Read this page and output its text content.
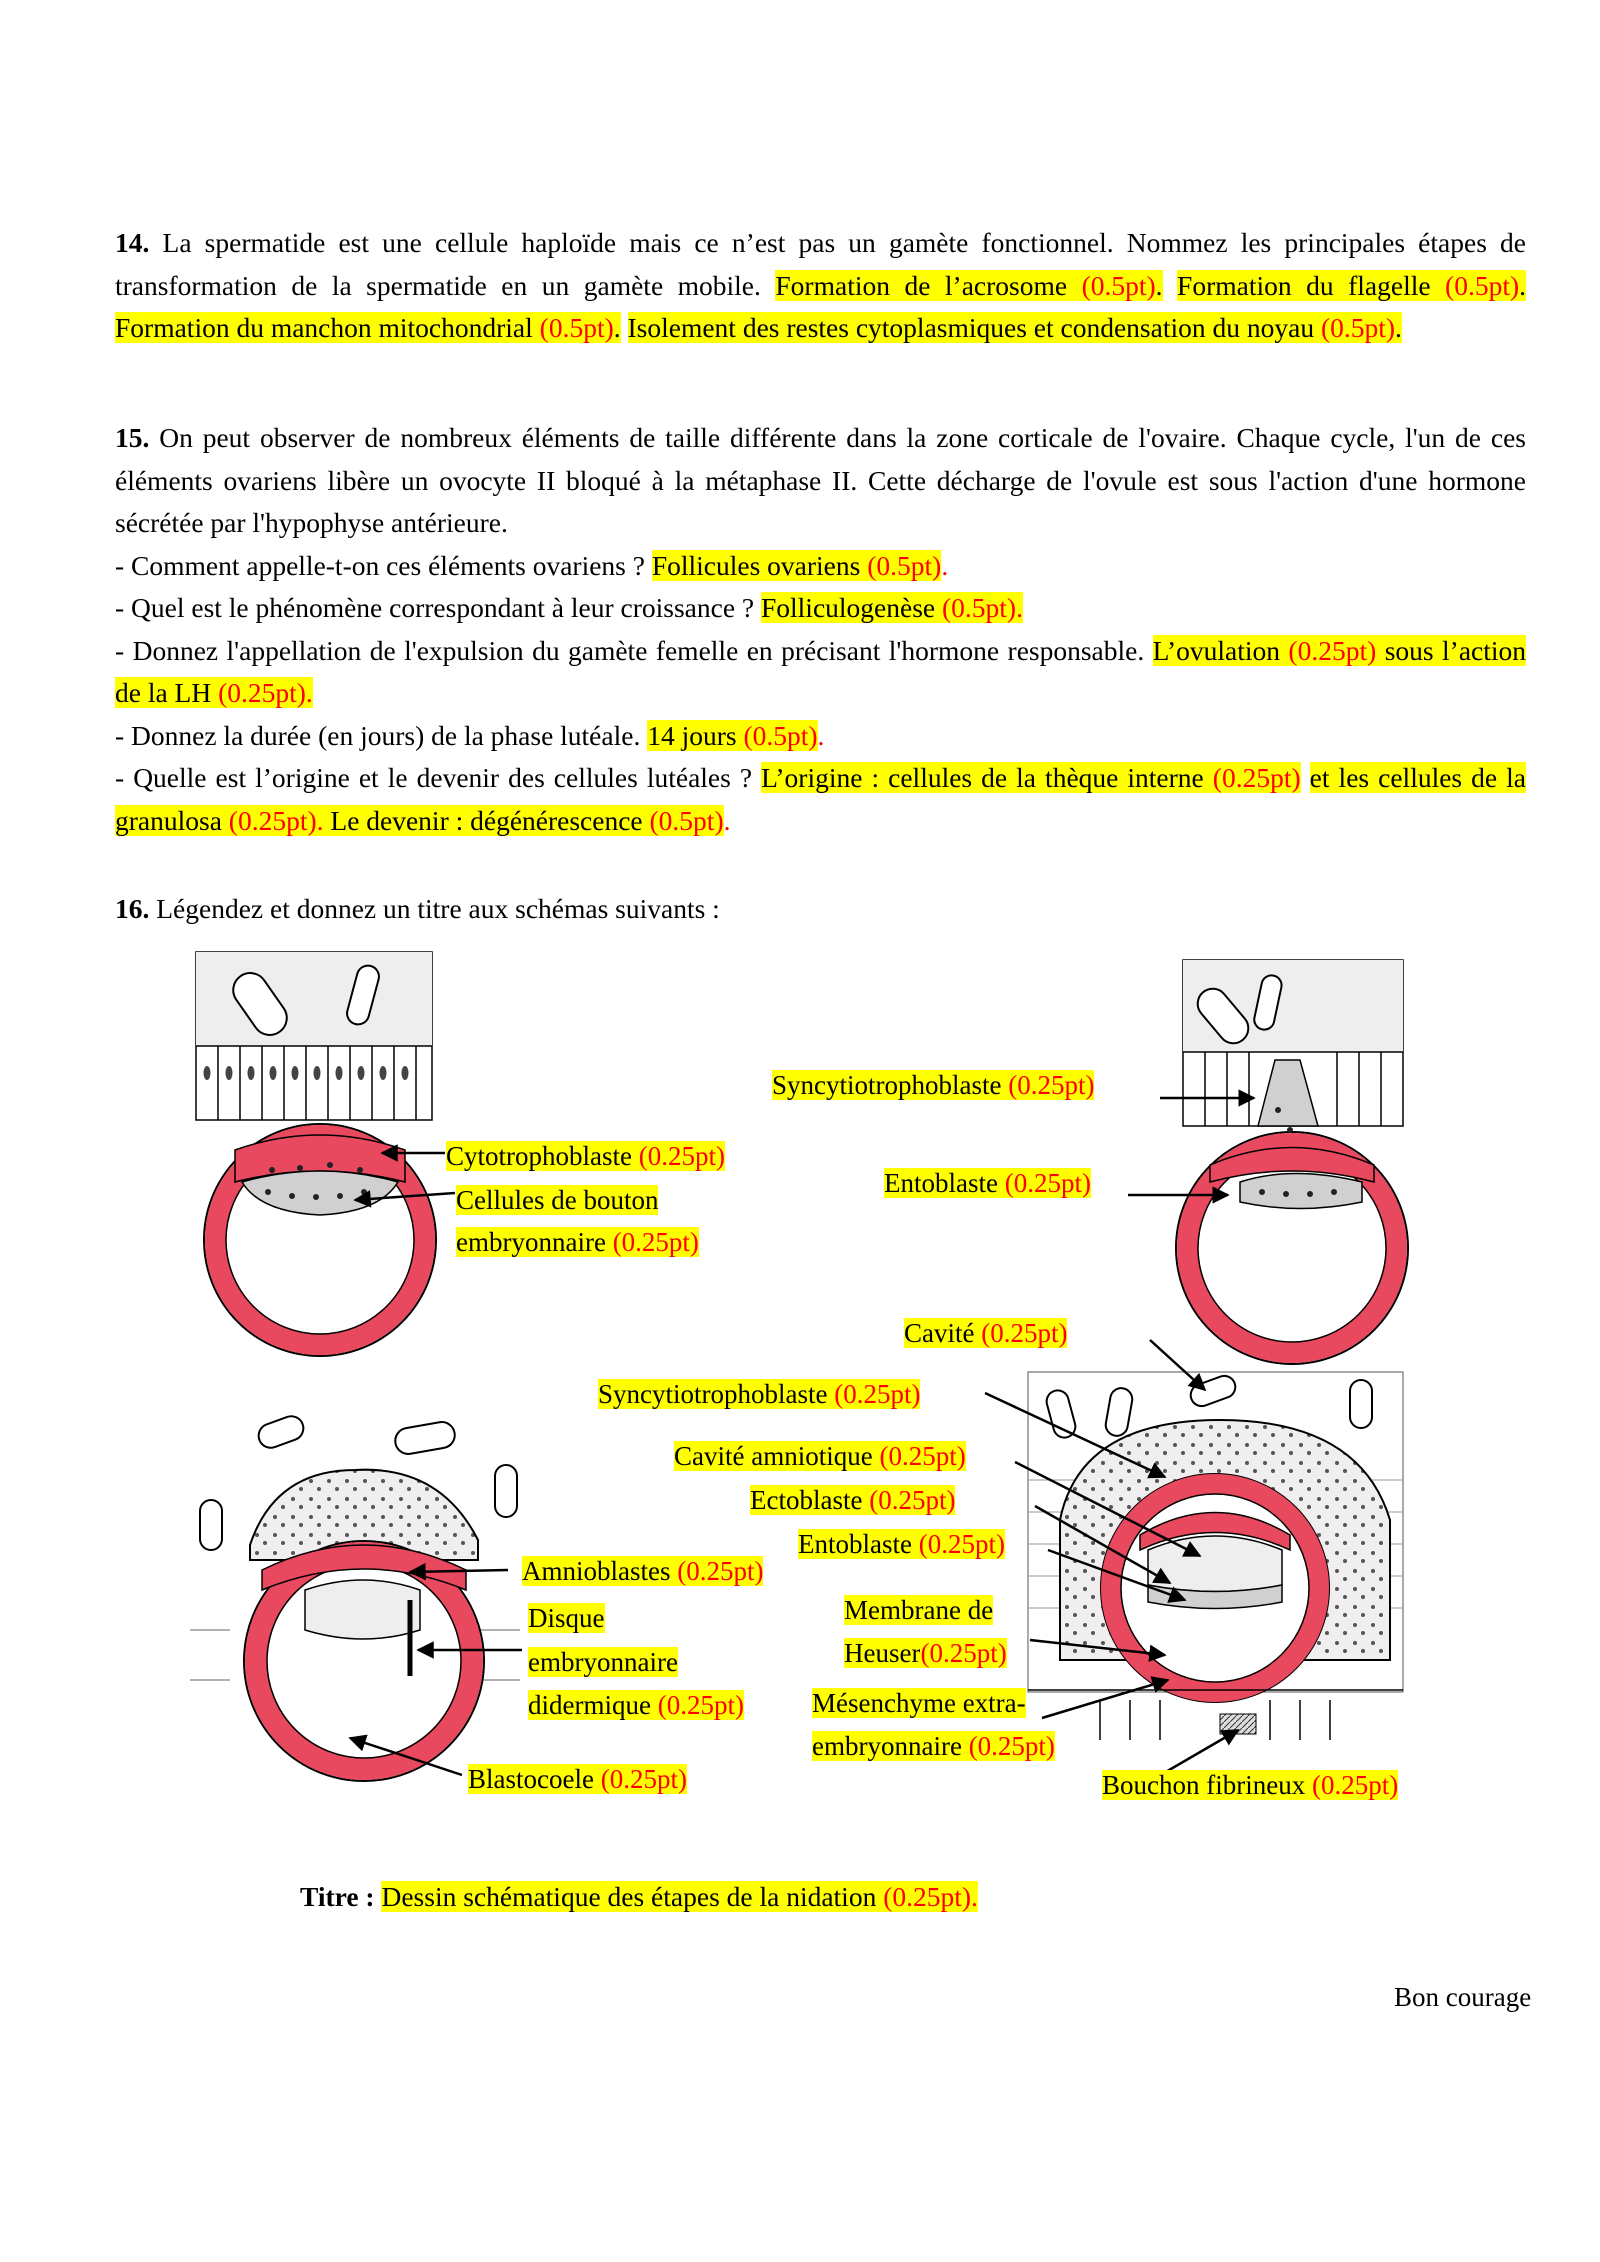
14. La spermatide est une cellule haploïde mais ce n’est pas un gamète fonctionnel. Nommez les principales étapes de transformation de la spermatide en un gamète mobile. Formation de l’acrosome (0.5pt). Formation du flagelle (0.5pt). Formation du manchon mitochondrial (0.5pt). Isolement des restes cytoplasmiques et condensation du noyau (0.5pt).

15. On peut observer de nombreux éléments de taille différente dans la zone corticale de l'ovaire. Chaque cycle, l'un de ces éléments ovariens libère un ovocyte II bloqué à la métaphase II. Cette décharge de l'ovule est sous l'action d'une hormone sécrétée par l'hypophyse antérieure.

- Comment appelle-t-on ces éléments ovariens ? Follicules ovariens (0.5pt).

- Quel est le phénomène correspondant à leur croissance ? Folliculogenèse (0.5pt).

- Donnez l'appellation de l'expulsion du gamète femelle en précisant l'hormone responsable. L’ovulation (0.25pt) sous l’action de la LH (0.25pt).

- Donnez la durée (en jours) de la phase lutéale. 14 jours (0.5pt).

- Quelle est l’origine et le devenir des cellules lutéales ? L’origine : cellules de la thèque interne (0.25pt) et les cellules de la granulosa (0.25pt). Le devenir : dégénérescence (0.5pt).

16. Légendez et donnez un titre aux schémas suivants :

Cytotrophoblaste (0.25pt)
Cellules de bouton
embryonnaire (0.25pt)
Syncytiotrophoblaste (0.25pt)
Entoblaste (0.25pt)
Cavité (0.25pt)
Syncytiotrophoblaste (0.25pt)
Cavité amniotique (0.25pt)
Ectoblaste (0.25pt)
Entoblaste (0.25pt)
Amnioblastes (0.25pt)
Disque
embryonnaire
didermique (0.25pt)
Membrane de
Heuser(0.25pt)
Mésenchyme extra-
embryonnaire (0.25pt)
Blastocoele (0.25pt)	Bouchon fibrineux (0.25pt)
Titre : Dessin schématique des étapes de la nidation (0.25pt).
Bon courage
